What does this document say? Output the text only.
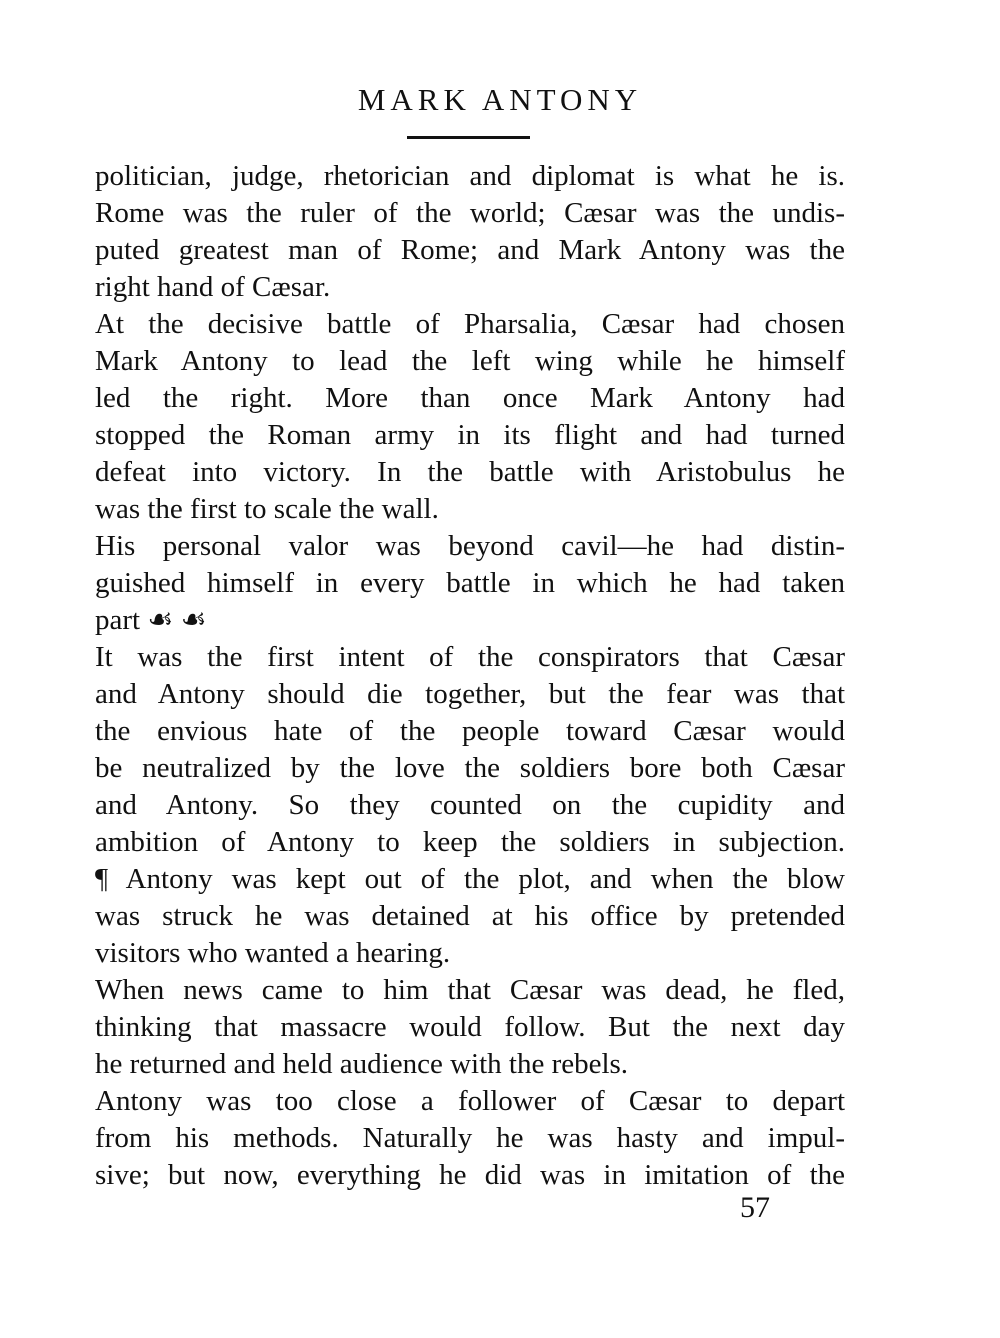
MARK ANTONY
politician, judge, rhetorician and diplomat is what he is.
Rome was the ruler of the world; Cæsar was the undis-
puted greatest man of Rome; and Mark Antony was the
right hand of Cæsar.
At the decisive battle of Pharsalia, Cæsar had chosen
Mark Antony to lead the left wing while he himself
led the right. More than once Mark Antony had
stopped the Roman army in its flight and had turned
defeat into victory. In the battle with Aristobulus he
was the first to scale the wall.
His personal valor was beyond cavil—he had distin-
guished himself in every battle in which he had taken
part ☙ ☙
It was the first intent of the conspirators that Cæsar
and Antony should die together, but the fear was that
the envious hate of the people toward Cæsar would
be neutralized by the love the soldiers bore both Cæsar
and Antony. So they counted on the cupidity and
ambition of Antony to keep the soldiers in subjection.
¶ Antony was kept out of the plot, and when the blow
was struck he was detained at his office by pretended
visitors who wanted a hearing.
When news came to him that Cæsar was dead, he fled,
thinking that massacre would follow. But the next day
he returned and held audience with the rebels.
Antony was too close a follower of Cæsar to depart
from his methods. Naturally he was hasty and impul-
sive; but now, everything he did was in imitation of the
57
